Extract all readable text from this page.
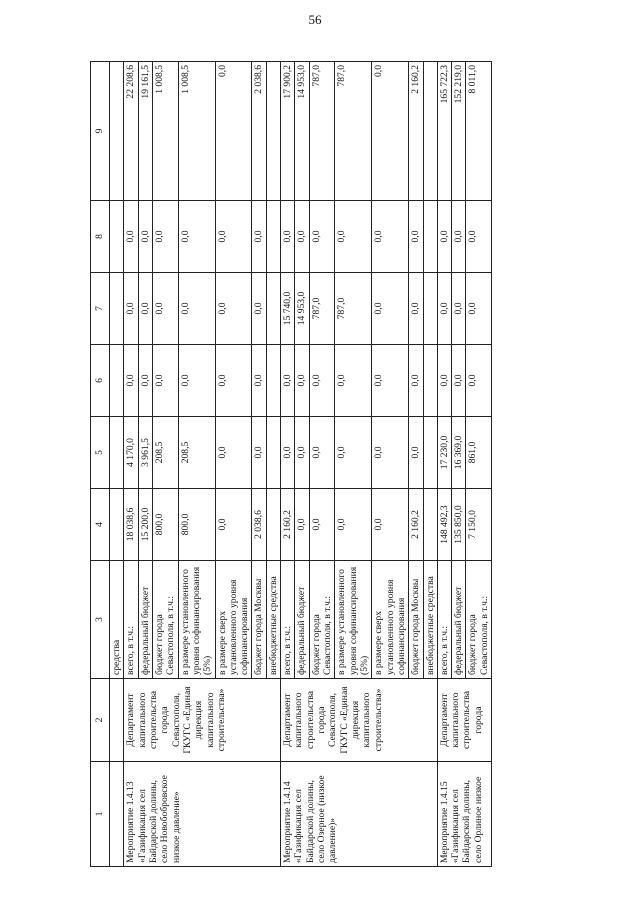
56
1	2	3	4	5	6	7	8	9
		средства						
Мероприятие 1.4.13 «Газификация сел Байдарской долины, село Новобобровское низкое давление»	Департамент капитального строительства города Севастополя, ГКУГС «Единая дирекция капитального строительства»	всего, в т.ч.:	18 038,6	4 170,0	0,0	0,0	0,0	22 208,6
		федеральный бюджет	15 200,0	3 961,5	0,0	0,0	0,0	19 161,5
		бюджет города Севастополя, в т.ч.:	800,0	208,5	0,0	0,0	0,0	1 008,5
		в размере установленного уровня софинансирования (5%)	800,0	208,5	0,0	0,0	0,0	1 008,5
		в размере сверх установленного уровня софинансирования	0,0	0,0	0,0	0,0	0,0	0,0
		бюджет города Москвы	2 038,6	0,0	0,0	0,0	0,0	2 038,6
		внебюджетные средства						
Мероприятие 1.4.14 «Газификация сел Байдарской долины, село Озерное (низкое давление)»	Департамент капитального строительства города Севастополя, ГКУГС «Единая дирекция капитального строительства»	всего, в т.ч.:	2 160,2	0,0	0,0	15 740,0	0,0	17 900,2
		федеральный бюджет	0,0	0,0	0,0	14 953,0	0,0	14 953,0
		бюджет города Севастополя, в т.ч.:	0,0	0,0	0,0	787,0	0,0	787,0
		в размере установленного уровня софинансирования (5%)	0,0	0,0	0,0	787,0	0,0	787,0
		в размере сверх установленного уровня софинансирования	0,0	0,0	0,0	0,0	0,0	0,0
		бюджет города Москвы	2 160,2	0,0	0,0	0,0	0,0	2 160,2
		внебюджетные средства						
Мероприятие 1.4.15 «Газификация сел Байдарской долины, село Орлиное низкое	Департамент капитального строительства города	всего, в т.ч.:	148 492,3	17 230,0	0,0	0,0	0,0	165 722,3
		федеральный бюджет	135 850,0	16 369,0	0,0	0,0	0,0	152 219,0
		бюджет города Севастополя, в т.ч.:	7 150,0	861,0	0,0	0,0	0,0	8 011,0
